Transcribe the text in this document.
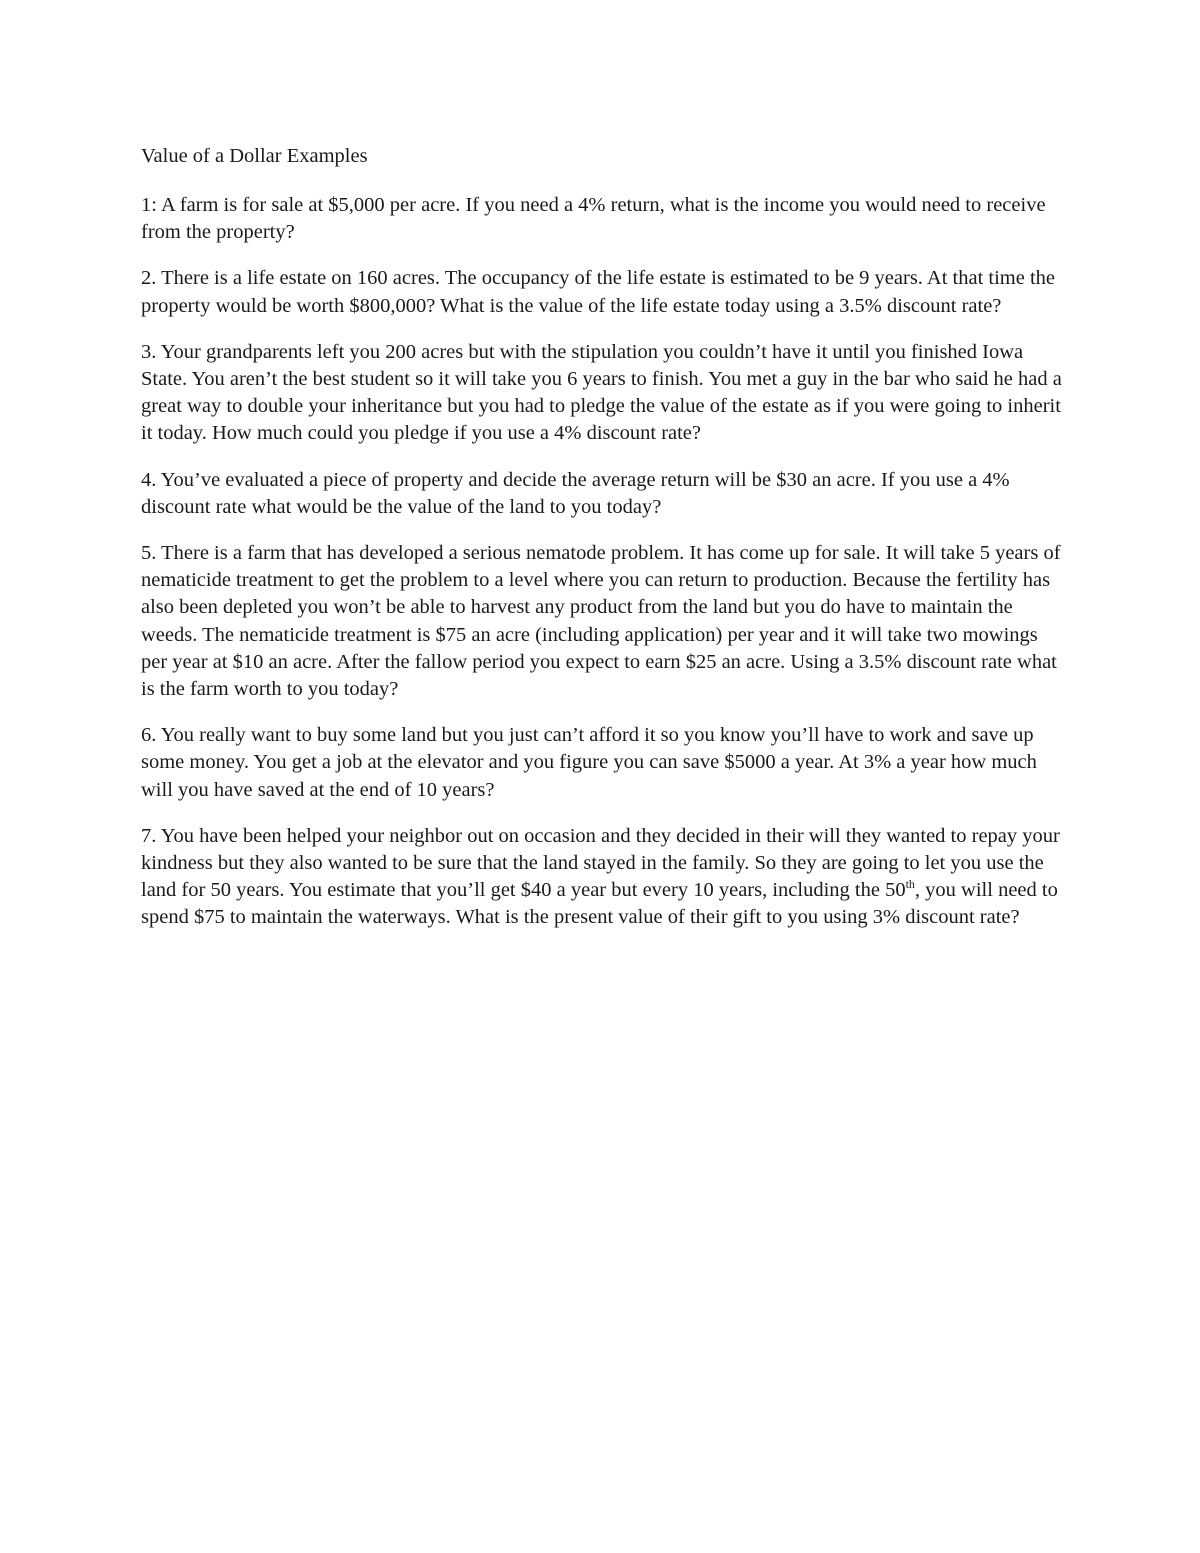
Value of a Dollar Examples

1: A farm is for sale at $5,000 per acre. If you need a 4% return, what is the income you would need to receive from the property?

2. There is a life estate on 160 acres. The occupancy of the life estate is estimated to be 9 years. At that time the property would be worth $800,000? What is the value of the life estate today using a 3.5% discount rate?

3. Your grandparents left you 200 acres but with the stipulation you couldn’t have it until you finished Iowa State. You aren’t the best student so it will take you 6 years to finish. You met a guy in the bar who said he had a great way to double your inheritance but you had to pledge the value of the estate as if you were going to inherit it today. How much could you pledge if you use a 4% discount rate?

4. You’ve evaluated a piece of property and decide the average return will be $30 an acre. If you use a 4% discount rate what would be the value of the land to you today?

5. There is a farm that has developed a serious nematode problem. It has come up for sale. It will take 5 years of nematicide treatment to get the problem to a level where you can return to production. Because the fertility has also been depleted you won’t be able to harvest any product from the land but you do have to maintain the weeds. The nematicide treatment is $75 an acre (including application) per year and it will take two mowings per year at $10 an acre. After the fallow period you expect to earn $25 an acre. Using a 3.5% discount rate what is the farm worth to you today?

6. You really want to buy some land but you just can’t afford it so you know you’ll have to work and save up some money. You get a job at the elevator and you figure you can save $5000 a year. At 3% a year how much will you have saved at the end of 10 years?

7. You have been helped your neighbor out on occasion and they decided in their will they wanted to repay your kindness but they also wanted to be sure that the land stayed in the family. So they are going to let you use the land for 50 years. You estimate that you’ll get $40 a year but every 10 years, including the 50th, you will need to spend $75 to maintain the waterways. What is the present value of their gift to you using 3% discount rate?
